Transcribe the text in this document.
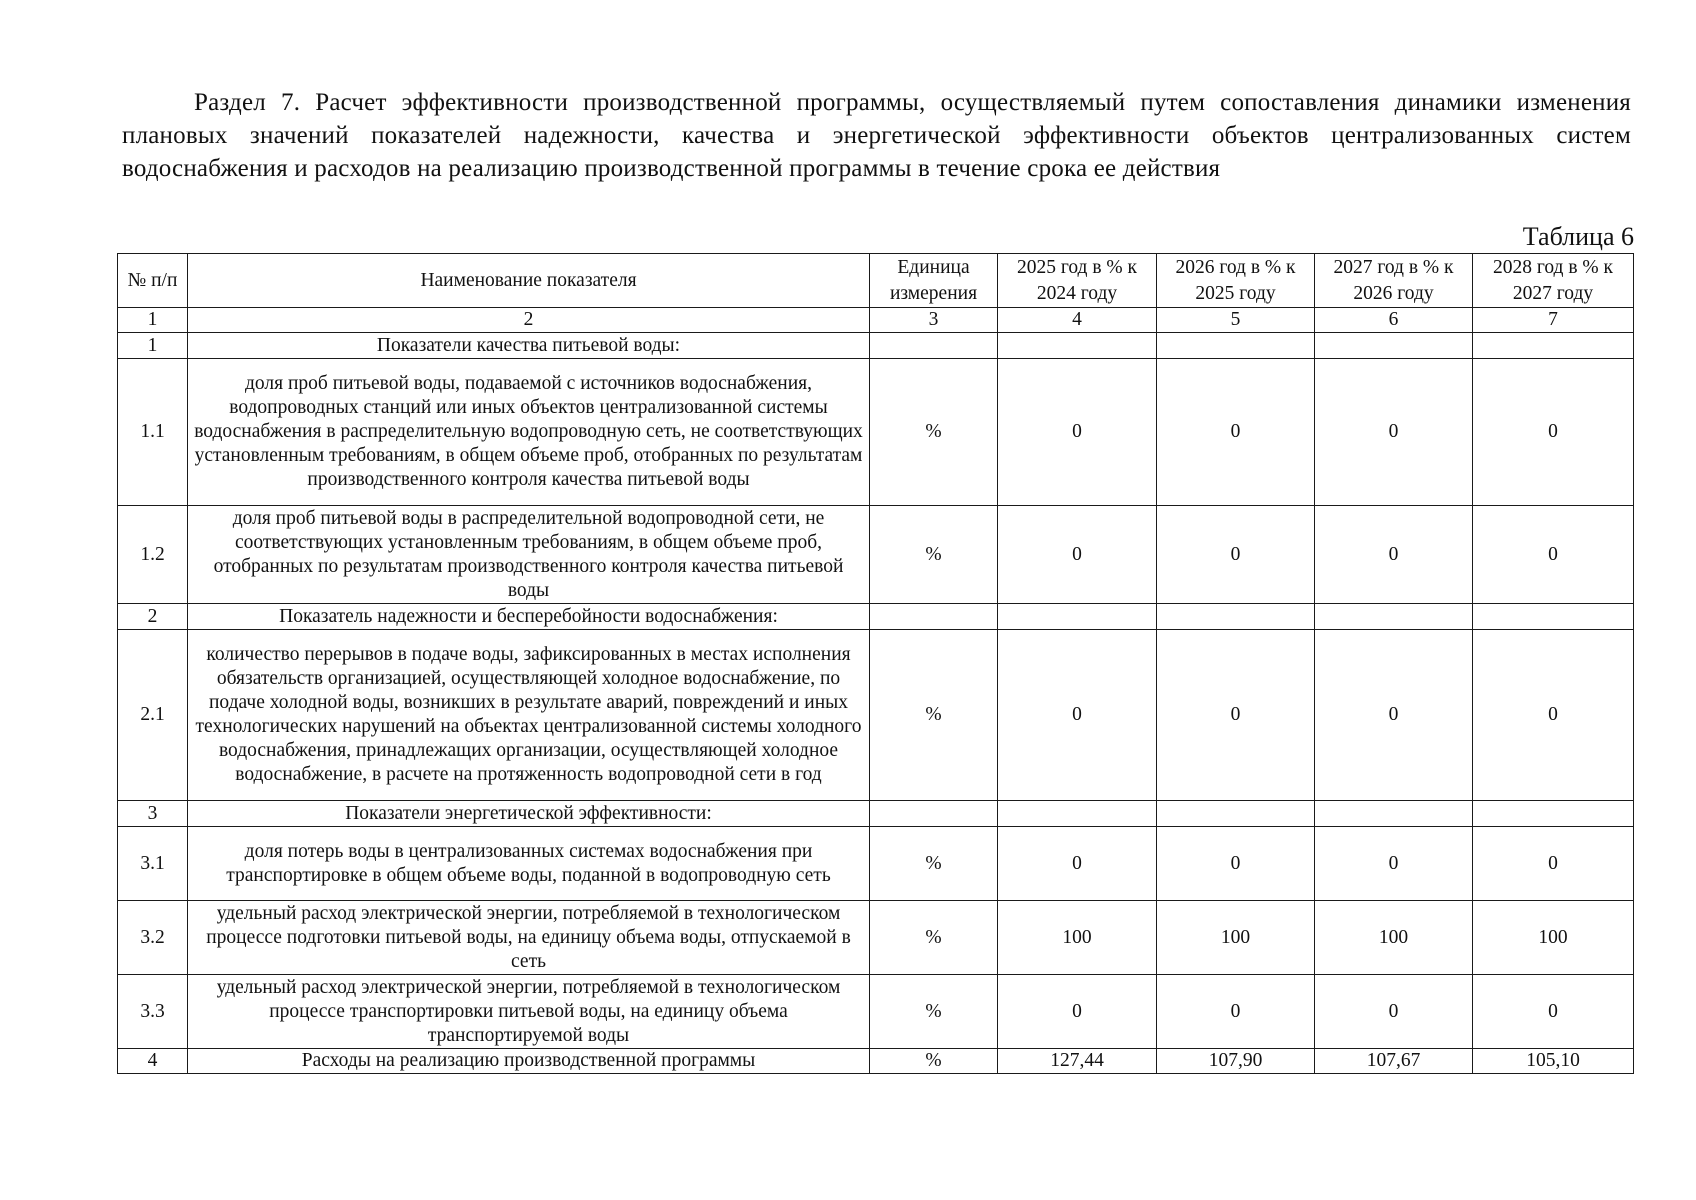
Раздел 7. Расчет эффективности производственной программы, осуществляемый путем сопоставления динамики изменения плановых значений показателей надежности, качества и энергетической эффективности объектов централизованных систем водоснабжения и расходов на реализацию производственной программы в течение срока ее действия
Таблица 6
№ п/п	Наименование показателя	Единица измерения	2025 год в % к 2024 году	2026 год в % к 2025 году	2027 год в % к 2026 году	2028 год в % к 2027 году
1	2	3	4	5	6	7
1	Показатели качества питьевой воды:					
1.1	доля проб питьевой воды, подаваемой с источников водоснабжения, водопроводных станций или иных объектов централизованной системы водоснабжения в распределительную водопроводную сеть, не соответствующих установленным требованиям, в общем объеме проб, отобранных по результатам производственного контроля качества питьевой воды	%	0	0	0	0
1.2	доля проб питьевой воды в распределительной водопроводной сети, не соответствующих установленным требованиям, в общем объеме проб, отобранных по результатам производственного контроля качества питьевой воды	%	0	0	0	0
2	Показатель надежности и бесперебойности водоснабжения:					
2.1	количество перерывов в подаче воды, зафиксированных в местах исполнения обязательств организацией, осуществляющей холодное водоснабжение, по подаче холодной воды, возникших в результате аварий, повреждений и иных технологических нарушений на объектах централизованной системы холодного водоснабжения, принадлежащих организации, осуществляющей холодное водоснабжение, в расчете на протяженность водопроводной сети в год	%	0	0	0	0
3	Показатели энергетической эффективности:					
3.1	доля потерь воды в централизованных системах водоснабжения при транспортировке в общем объеме воды, поданной в водопроводную сеть	%	0	0	0	0
3.2	удельный расход электрической энергии, потребляемой в технологическом процессе подготовки питьевой воды, на единицу объема воды, отпускаемой в сеть	%	100	100	100	100
3.3	удельный расход электрической энергии, потребляемой в технологическом процессе транспортировки питьевой воды, на единицу объема транспортируемой воды	%	0	0	0	0
4	Расходы на реализацию производственной программы	%	127,44	107,90	107,67	105,10
